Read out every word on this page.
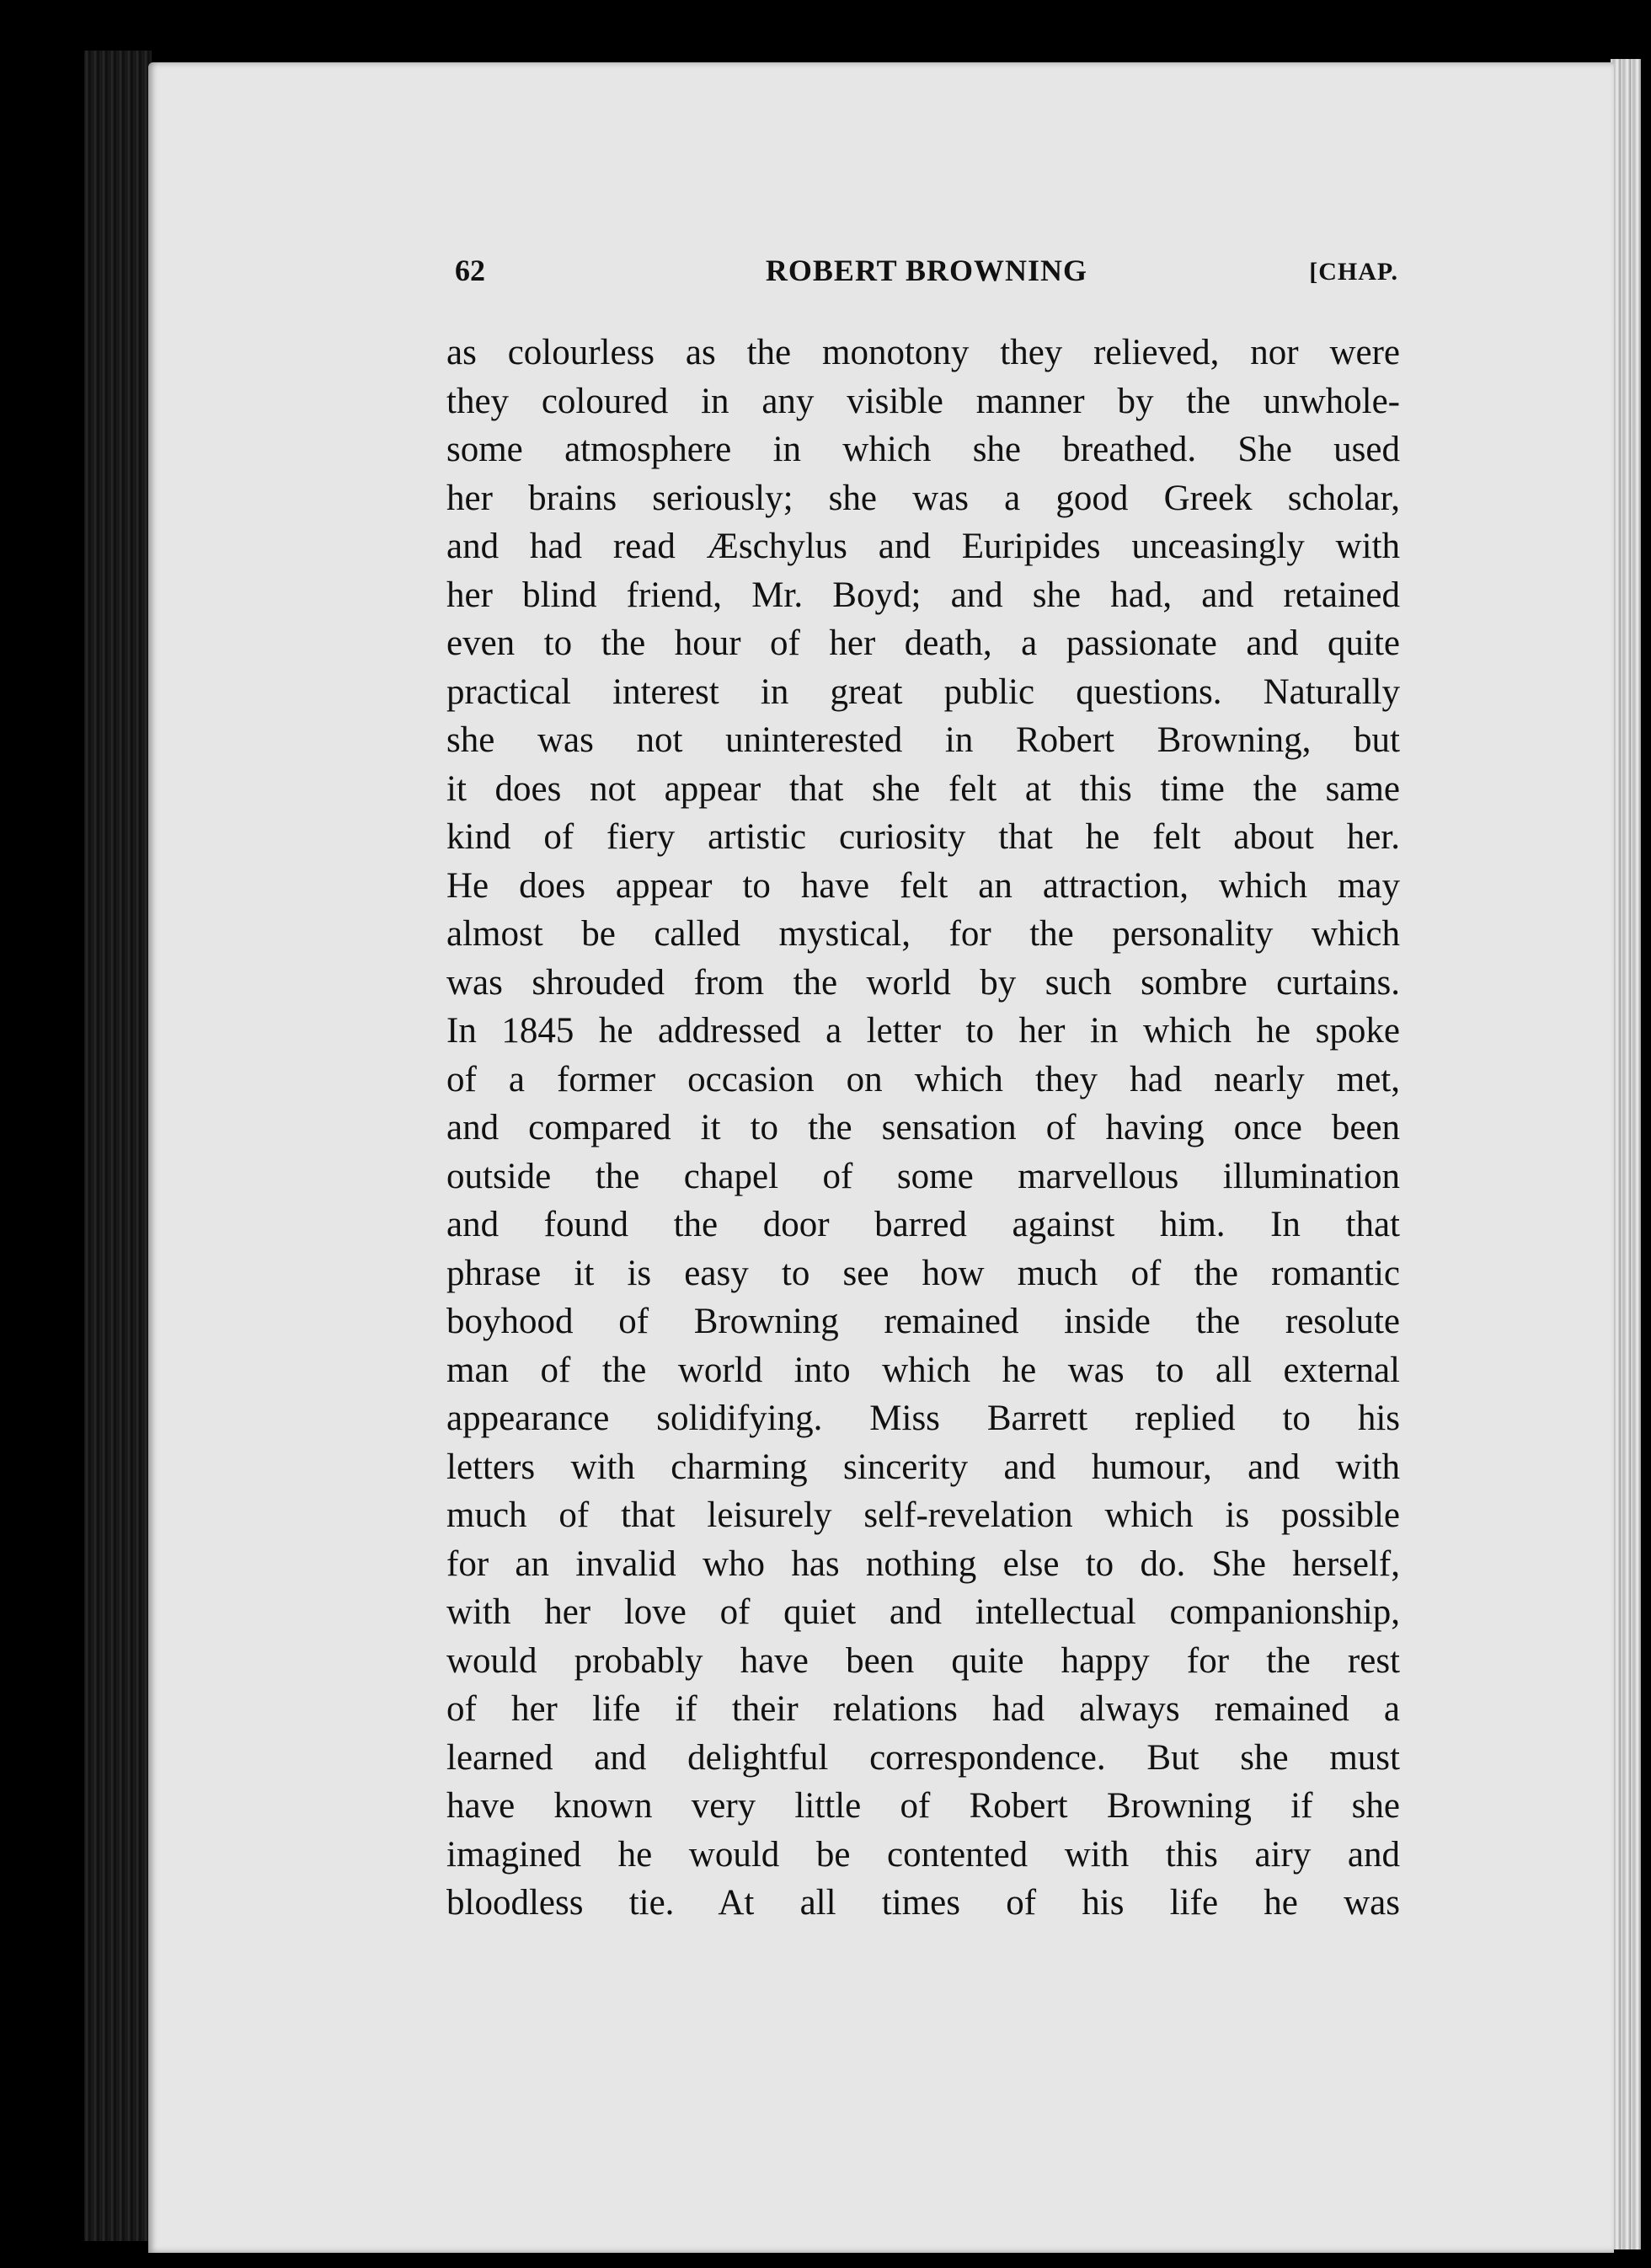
62	ROBERT BROWNING	[CHAP.
as colourless as the monotony they relieved, nor were
they coloured in any visible manner by the unwhole-
some atmosphere in which she breathed. She used
her brains seriously; she was a good Greek scholar,
and had read Æschylus and Euripides unceasingly with
her blind friend, Mr. Boyd; and she had, and retained
even to the hour of her death, a passionate and quite
practical interest in great public questions. Naturally
she was not uninterested in Robert Browning, but
it does not appear that she felt at this time the same
kind of fiery artistic curiosity that he felt about her.
He does appear to have felt an attraction, which may
almost be called mystical, for the personality which
was shrouded from the world by such sombre curtains.
In 1845 he addressed a letter to her in which he spoke
of a former occasion on which they had nearly met,
and compared it to the sensation of having once been
outside the chapel of some marvellous illumination
and found the door barred against him. In that
phrase it is easy to see how much of the romantic
boyhood of Browning remained inside the resolute
man of the world into which he was to all external
appearance solidifying. Miss Barrett replied to his
letters with charming sincerity and humour, and with
much of that leisurely self-revelation which is possible
for an invalid who has nothing else to do. She herself,
with her love of quiet and intellectual companionship,
would probably have been quite happy for the rest
of her life if their relations had always remained a
learned and delightful correspondence. But she must
have known very little of Robert Browning if she
imagined he would be contented with this airy and
bloodless tie. At all times of his life he was
